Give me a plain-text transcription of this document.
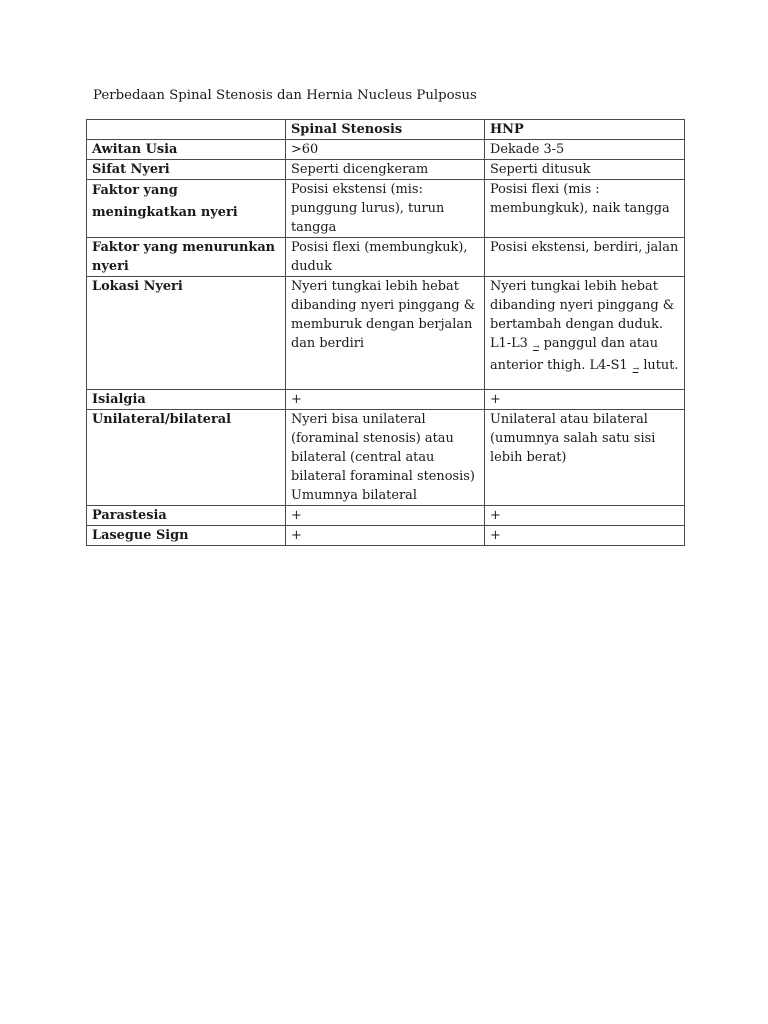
Perbedaan Spinal Stenosis dan Hernia Nucleus Pulposus
	Spinal Stenosis	HNP
Awitan Usia	>60	Dekade 3-5
Sifat Nyeri	Seperti dicengkeram	Seperti ditusuk
Faktor yang meningkatkan nyeri	Posisi ekstensi (mis: punggung lurus), turun tangga	Posisi flexi (mis : membungkuk), naik tangga
Faktor yang menurunkan nyeri	Posisi flexi (membungkuk), duduk	Posisi ekstensi, berdiri, jalan
Lokasi Nyeri	Nyeri tungkai lebih hebat dibanding nyeri pinggang & memburuk dengan berjalan dan berdiri	Nyeri tungkai lebih hebat dibanding nyeri pinggang & bertambah dengan duduk. L1-L3 → panggul dan atau anterior thigh. L4-S1 → lutut.
Isialgia	+	+
Unilateral/bilateral	Nyeri bisa unilateral (foraminal stenosis) atau bilateral (central atau bilateral foraminal stenosis) Umumnya bilateral	Unilateral atau bilateral (umumnya salah satu sisi lebih berat)
Parastesia	+	+
Lasegue Sign	+	+
